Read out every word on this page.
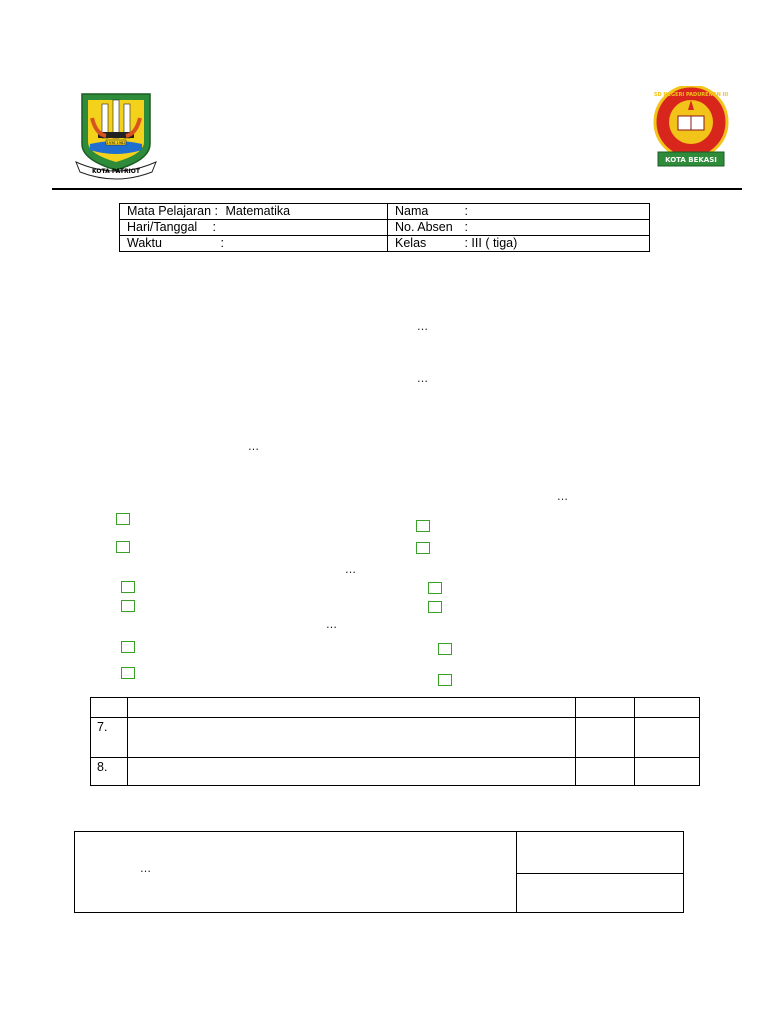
1936 1982
KOTA PATRIOT
SD NEGERI PADURENAN III
KOTA BEKASI
Mata Pelajaran : Matematika	Nama :
Hari/Tanggal :	No. Absen :
Waktu :	Kelas : III ( tiga)
…
…
…
…
…
…

7.			
8.			
…
